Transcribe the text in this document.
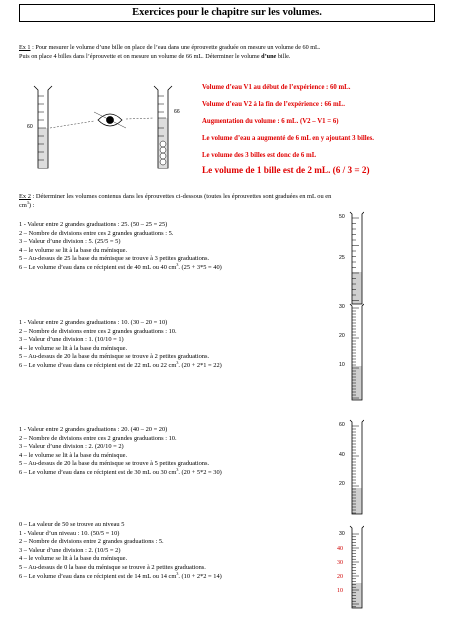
Exercices pour le chapitre sur les volumes.
Ex 1 : Pour mesurer le volume d’une bille on place de l’eau dans une éprouvette graduée on mesure un volume de 60 mL.
Puis on place 4 billes dans l’éprouvette et on mesure un volume de 66 mL. Déterminer le volume d’une bille.
60
66
Volume d’eau V1 au début de l’expérience : 60 mL.
Volume d’eau V2 à la fin de l’expérience : 66 mL.
Augmentation du volume : 6 mL. (V2 – V1 = 6)
Le volume d’eau a augmenté de 6 mL en y ajoutant 3 billes.
Le volume des 3 billes est donc de 6 mL
Le volume de 1 bille est de 2 mL. (6 / 3 = 2)
Ex 2 : Déterminer les volumes contenus dans les éprouvettes ci-dessous (toutes les éprouvettes sont graduées en mL ou en
$cm^3$) :
1 - Valeur entre 2 grandes graduations : 25. (50 – 25 = 25)
2 – Nombre de divisions entre ces 2 grandes graduations : 5.
3 – Valeur d’une division : 5. (25/5 = 5)
4 – le volume se lit à la base du ménisque.
5 – Au-dessus de 25 la base du ménisque se trouve à 3 petites graduations.
6 – Le volume d’eau dans ce récipient est de 40 mL ou 40 $cm^3$. (25 + 3*5 = 40)
1 - Valeur entre 2 grandes graduations : 10. (30 – 20 = 10)
2 – Nombre de divisions entre ces 2 grandes graduations : 10.
3 – Valeur d’une division : 1. (10/10 = 1)
4 – le volume se lit à la base du ménisque.
5 – Au-dessus de 20 la base du ménisque se trouve à 2 petites graduations.
6 – Le volume d’eau dans ce récipient est de 22 mL ou 22 $cm^3$. (20 + 2*1 = 22)
1 - Valeur entre 2 grandes graduations : 20. (40 – 20 = 20)
2 – Nombre de divisions entre ces 2 grandes graduations : 10.
3 – Valeur d’une division : 2. (20/10 = 2)
4 – le volume se lit à la base du ménisque.
5 – Au-dessus de 20 la base du ménisque se trouve à 5 petites graduations.
6 – Le volume d’eau dans ce récipient est de 30 mL ou 30 $cm^3$. (20 + 5*2 = 30)
0 – La valeur de 50 se trouve au niveau 5
1 - Valeur d’un niveau : 10. (50/5 = 10)
2 – Nombre de divisions entre 2 grandes graduations : 5.
3 – Valeur d’une division : 2. (10/5 = 2)
4 – le volume se lit à la base du ménisque.
5 – Au-dessus de 0 la base du ménisque se trouve à 2 petites graduations.
6 – Le volume d’eau dans ce récipient est de 14 mL ou 14 $cm^3$. (10 + 2*2 = 14)
50
25
30
20
10
60
40
20
30
40
30
20
10
